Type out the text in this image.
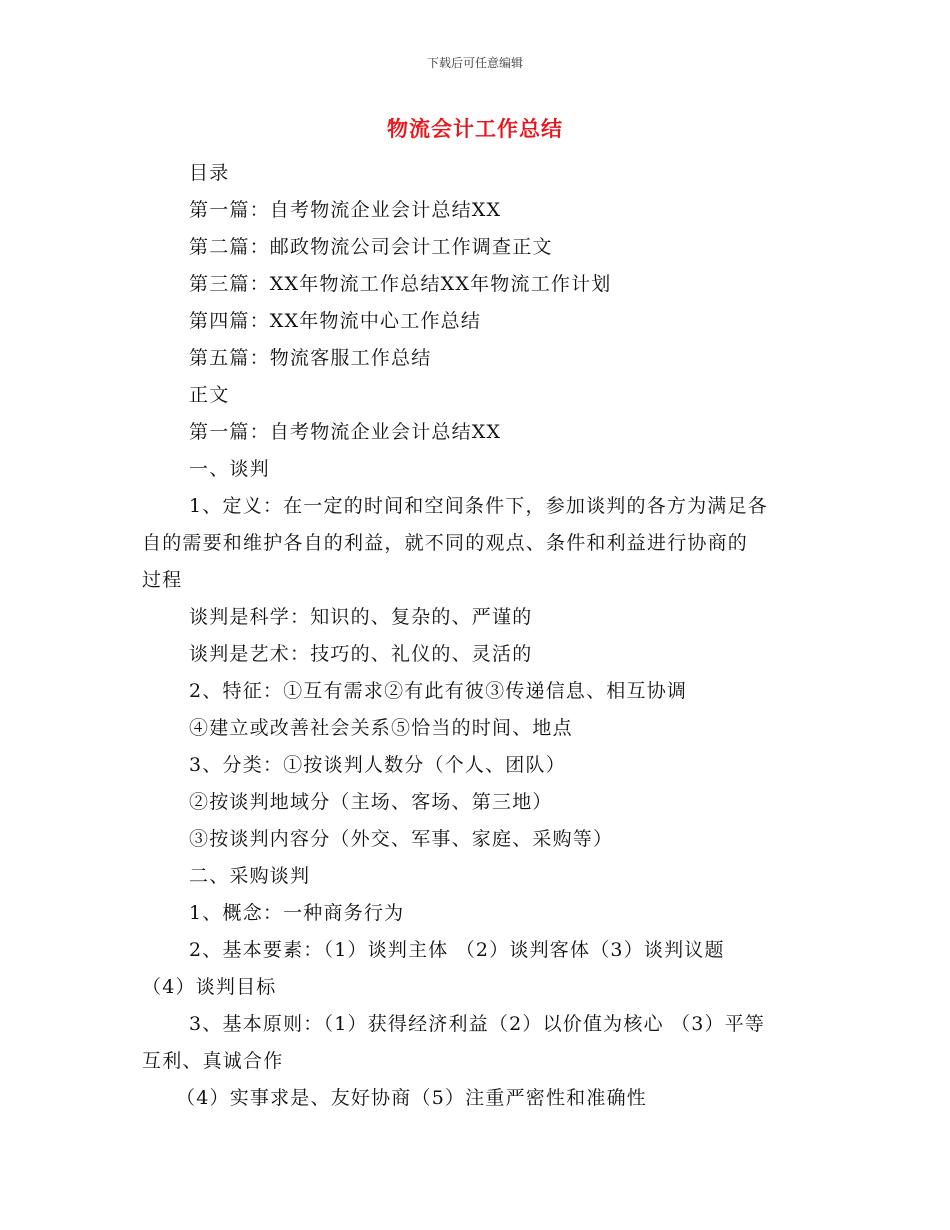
下载后可任意编辑
物流会计工作总结
目录
第一篇：自考物流企业会计总结XX
第二篇：邮政物流公司会计工作调查正文
第三篇：XX年物流工作总结XX年物流工作计划
第四篇：XX年物流中心工作总结
第五篇：物流客服工作总结
正文
第一篇：自考物流企业会计总结XX
一、谈判
1、定义：在一定的时间和空间条件下，参加谈判的各方为满足各
自的需要和维护各自的利益，就不同的观点、条件和利益进行协商的
过程
谈判是科学：知识的、复杂的、严谨的
谈判是艺术：技巧的、礼仪的、灵活的
2、特征：①互有需求②有此有彼③传递信息、相互协调
④建立或改善社会关系⑤恰当的时间、地点
3、分类：①按谈判人数分（个人、团队）
②按谈判地域分（主场、客场、第三地）
③按谈判内容分（外交、军事、家庭、采购等）
二、采购谈判
1、概念：一种商务行为
2、基本要素：（1）谈判主体 （2）谈判客体（3）谈判议题
（4）谈判目标
3、基本原则：（1）获得经济利益（2）以价值为核心 （3）平等
互利、真诚合作
（4）实事求是、友好协商（5）注重严密性和准确性
